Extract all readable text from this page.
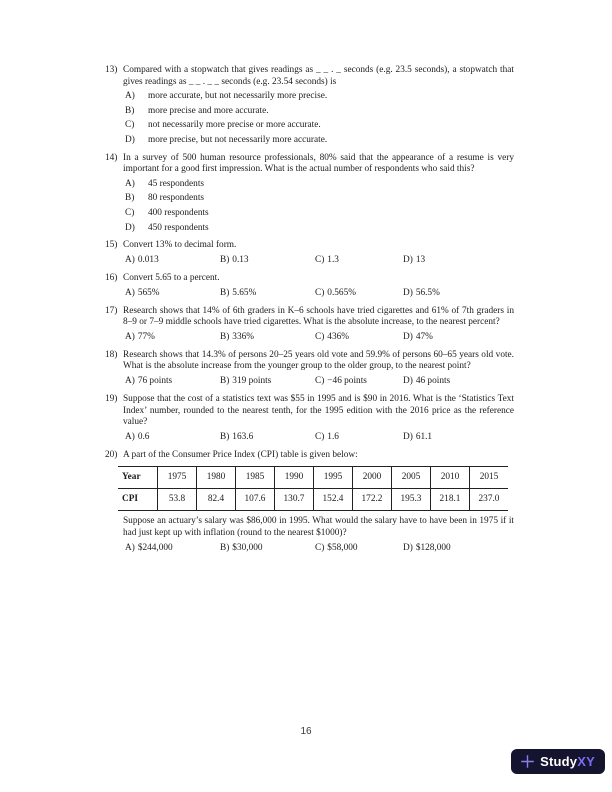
13) Compared with a stopwatch that gives readings as _ _ . _ seconds (e.g. 23.5 seconds), a stopwatch that gives readings as _ _ . _ _ seconds (e.g. 23.54 seconds) is

A)	more accurate, but not necessarily more precise.
B)	more precise and more accurate.
C)	not necessarily more precise or more accurate.
D)	more precise, but not necessarily more accurate.
14) In a survey of 500 human resource professionals, 80% said that the appearance of a resume is very important for a good first impression. What is the actual number of respondents who said this?

A)	45 respondents
B)	80 respondents
C)	400 respondents
D)	450 respondents
15) Convert 13% to decimal form.

A) 0.013	B) 0.13	C) 1.3	D) 13
16) Convert 5.65 to a percent.

A) 565%	B) 5.65%	C) 0.565%	D) 56.5%
17) Research shows that 14% of 6th graders in K–6 schools have tried cigarettes and 61% of 7th graders in 8–9 or 7–9 middle schools have tried cigarettes. What is the absolute increase, to the nearest percent?

A) 77%	B) 336%	C) 436%	D) 47%
18) Research shows that 14.3% of persons 20–25 years old vote and 59.9% of persons 60–65 years old vote. What is the absolute increase from the younger group to the older group, to the nearest point?

A) 76 points	B) 319 points	C) −46 points	D) 46 points
19) Suppose that the cost of a statistics text was $55 in 1995 and is $90 in 2016. What is the ‘Statistics Text Index’ number, rounded to the nearest tenth, for the 1995 edition with the 2016 price as the reference value?

A) 0.6	B) 163.6	C) 1.6	D) 61.1
20) A part of the Consumer Price Index (CPI) table is given below:

Year	1975	1980	1985	1990	1995	2000	2005	2010	2015
CPI	53.8	82.4	107.6	130.7	152.4	172.2	195.3	218.1	237.0

Suppose an actuary’s salary was $86,000 in 1995. What would the salary have to have been in 1975 if it had just kept up with inflation (round to the nearest $1000)?

A) $244,000	B) $30,000	C) $58,000	D) $128,000
16
StudyXY
